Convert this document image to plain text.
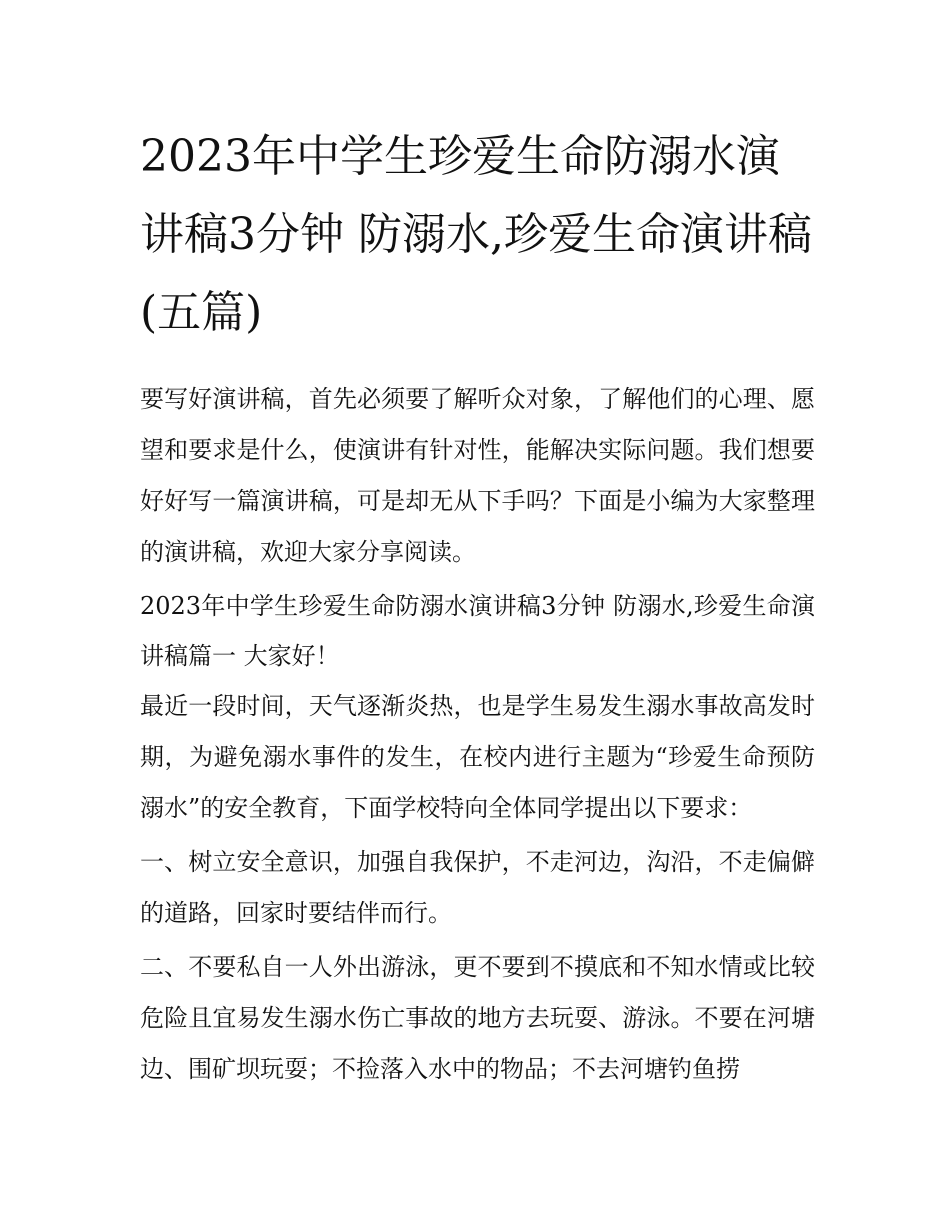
2023年中学生珍爱生命防溺水演讲稿3分钟 防溺水,珍爱生命演讲稿(五篇)

要写好演讲稿，首先必须要了解听众对象，了解他们的心理、愿望和要求是什么，使演讲有针对性，能解决实际问题。我们想要好好写一篇演讲稿，可是却无从下手吗？下面是小编为大家整理的演讲稿，欢迎大家分享阅读。

2023年中学生珍爱生命防溺水演讲稿3分钟 防溺水,珍爱生命演讲稿篇一 大家好！

最近一段时间，天气逐渐炎热，也是学生易发生溺水事故高发时期，为避免溺水事件的发生，在校内进行主题为“珍爱生命预防溺水”的安全教育，下面学校特向全体同学提出以下要求：

一、树立安全意识，加强自我保护，不走河边，沟沿，不走偏僻的道路，回家时要结伴而行。

二、不要私自一人外出游泳，更不要到不摸底和不知水情或比较危险且宜易发生溺水伤亡事故的地方去玩耍、游泳。不要在河塘边、围矿坝玩耍；不捡落入水中的物品；不去河塘钓鱼捞
